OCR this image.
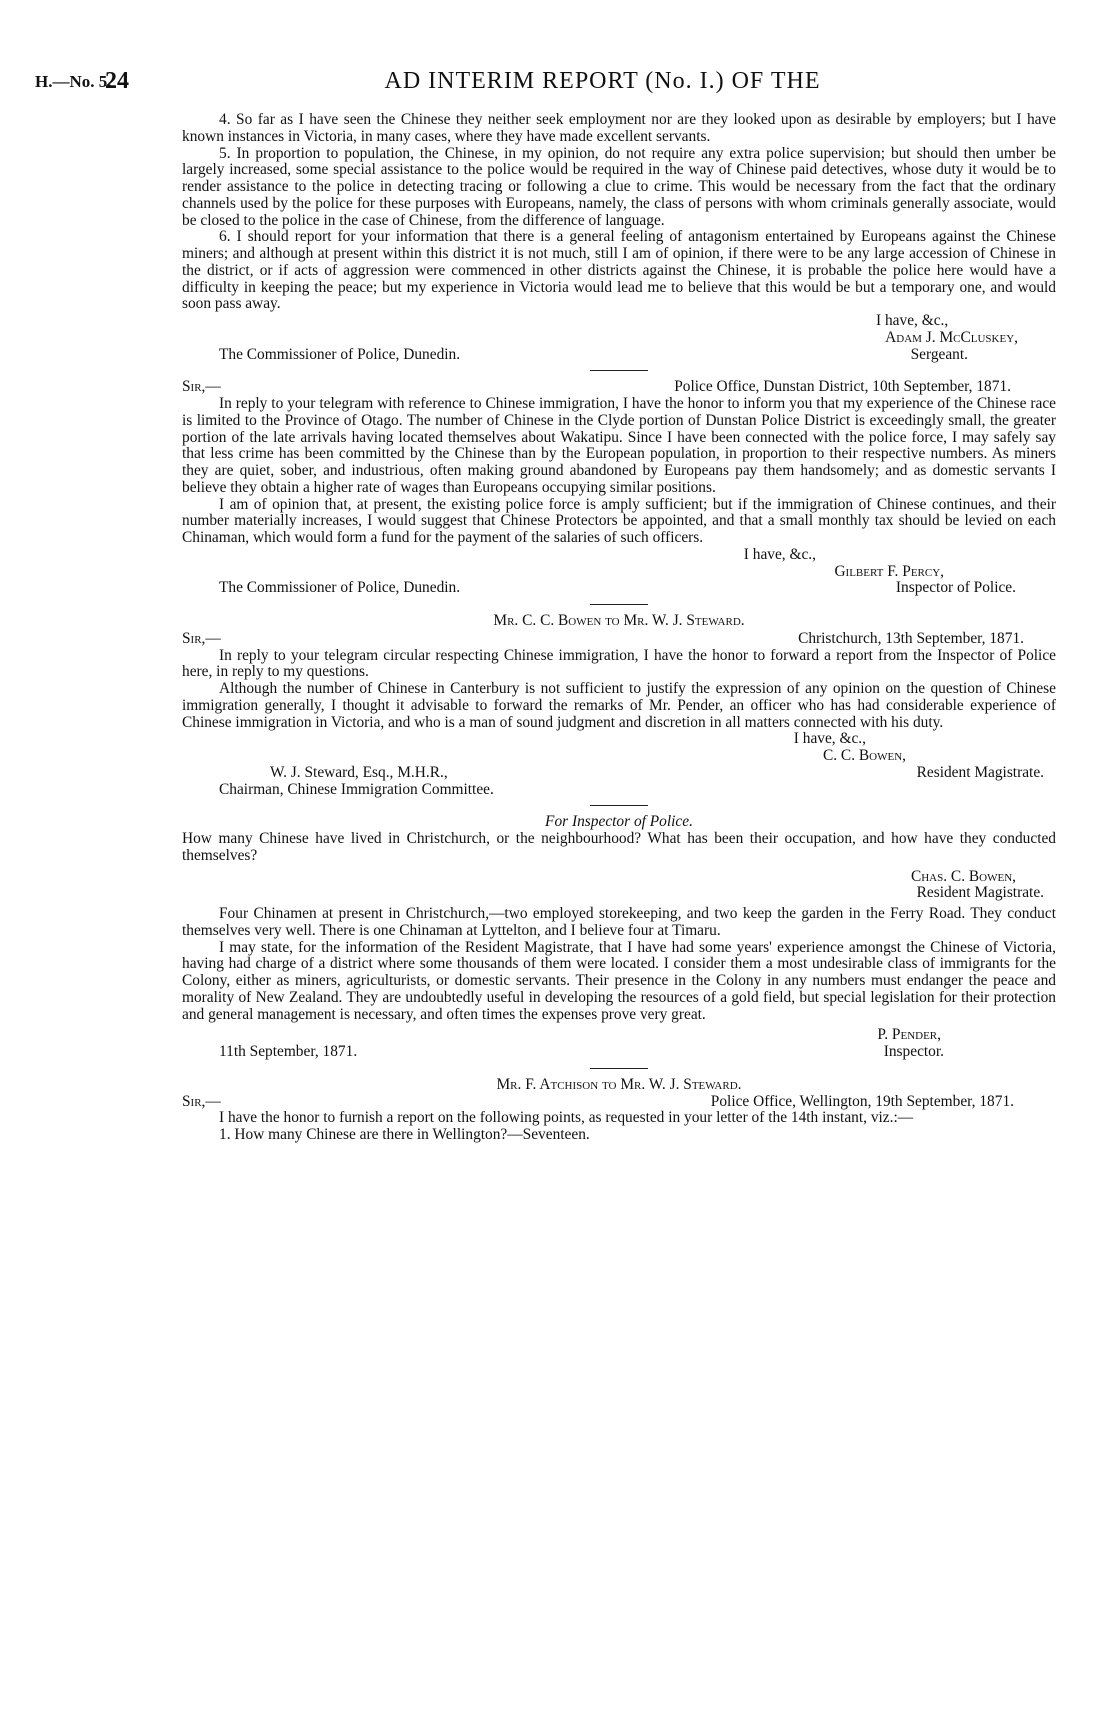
H.—No. 5.
24	AD INTERIM REPORT (No. I.) OF THE

4. So far as I have seen the Chinese they neither seek employment nor are they looked upon as desirable by employers; but I have known instances in Victoria, in many cases, where they have made excellent servants.

5. In proportion to population, the Chinese, in my opinion, do not require any extra police supervision; but should then umber be largely increased, some special assistance to the police would be required in the way of Chinese paid detectives, whose duty it would be to render assistance to the police in detecting tracing or following a clue to crime. This would be necessary from the fact that the ordinary channels used by the police for these purposes with Europeans, namely, the class of persons with whom criminals generally associate, would be closed to the police in the case of Chinese, from the difference of language.

6. I should report for your information that there is a general feeling of antagonism entertained by Europeans against the Chinese miners; and although at present within this district it is not much, still I am of opinion, if there were to be any large accession of Chinese in the district, or if acts of aggression were commenced in other districts against the Chinese, it is probable the police here would have a difficulty in keeping the peace; but my experience in Victoria would lead me to believe that this would be but a temporary one, and would soon pass away.

I have, &c.,
Adam J. McCluskey,
The Commissioner of Police, Dunedin.	Sergeant.
Sir,—	Police Office, Dunstan District, 10th September, 1871.

In reply to your telegram with reference to Chinese immigration, I have the honor to inform you that my experience of the Chinese race is limited to the Province of Otago. The number of Chinese in the Clyde portion of Dunstan Police District is exceedingly small, the greater portion of the late arrivals having located themselves about Wakatipu. Since I have been connected with the police force, I may safely say that less crime has been committed by the Chinese than by the European population, in proportion to their respective numbers. As miners they are quiet, sober, and industrious, often making ground abandoned by Europeans pay them handsomely; and as domestic servants I believe they obtain a higher rate of wages than Europeans occupying similar positions.

I am of opinion that, at present, the existing police force is amply sufficient; but if the immigration of Chinese continues, and their number materially increases, I would suggest that Chinese Protectors be appointed, and that a small monthly tax should be levied on each Chinaman, which would form a fund for the payment of the salaries of such officers.

I have, &c.,
Gilbert F. Percy,
The Commissioner of Police, Dunedin.	Inspector of Police.
Mr. C. C. Bowen to Mr. W. J. Steward.
Sir,—	Christchurch, 13th September, 1871.

In reply to your telegram circular respecting Chinese immigration, I have the honor to forward a report from the Inspector of Police here, in reply to my questions.

Although the number of Chinese in Canterbury is not sufficient to justify the expression of any opinion on the question of Chinese immigration generally, I thought it advisable to forward the remarks of Mr. Pender, an officer who has had considerable experience of Chinese immigration in Victoria, and who is a man of sound judgment and discretion in all matters connected with his duty.

I have, &c.,
C. C. Bowen,
W. J. Steward, Esq., M.H.R.,	Resident Magistrate.
Chairman, Chinese Immigration Committee.
For Inspector of Police.

How many Chinese have lived in Christchurch, or the neighbourhood? What has been their occupation, and how have they conducted themselves?

Chas. C. Bowen,
Resident Magistrate.

Four Chinamen at present in Christchurch,—two employed storekeeping, and two keep the garden in the Ferry Road. They conduct themselves very well. There is one Chinaman at Lyttelton, and I believe four at Timaru.

I may state, for the information of the Resident Magistrate, that I have had some years' experience amongst the Chinese of Victoria, having had charge of a district where some thousands of them were located. I consider them a most undesirable class of immigrants for the Colony, either as miners, agriculturists, or domestic servants. Their presence in the Colony in any numbers must endanger the peace and morality of New Zealand. They are undoubtedly useful in developing the resources of a gold field, but special legislation for their protection and general management is necessary, and often times the expenses prove very great.

P. Pender,
11th September, 1871.	Inspector.
Mr. F. Atchison to Mr. W. J. Steward.
Sir,—	Police Office, Wellington, 19th September, 1871.

I have the honor to furnish a report on the following points, as requested in your letter of the 14th instant, viz.:—

1. How many Chinese are there in Wellington?—Seventeen.
